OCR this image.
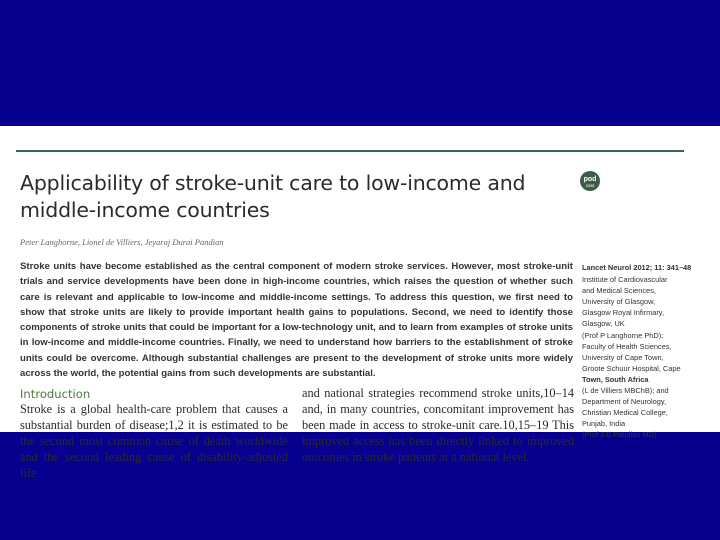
Applicability of stroke-unit care to low-income and
middle-income countries
pod
cast
Peter Langhorne, Lionel de Villiers, Jeyaraj Durai Pandian

Stroke units have become established as the central component of modern stroke services. However, most stroke-unit trials and service developments have been done in high-income countries, which raises the question of whether such care is relevant and applicable to low-income and middle-income settings. To address this question, we first need to show that stroke units are likely to provide important health gains to populations. Second, we need to identify those components of stroke units that could be important for a low-technology unit, and to learn from examples of stroke units in low-income and middle-income countries. Finally, we need to understand how barriers to the establishment of stroke units could be overcome. Although substantial challenges are present to the development of stroke units more widely across the world, the potential gains from such developments are substantial.

Lancet Neurol 2012; 11: 341–48
Institute of Cardiovascular
and Medical Sciences,
University of Glasgow,
Glasgow Royal Infirmary,
Glasgow, UK
(Prof P Langhorne PhD);
Faculty of Health Sciences,
University of Cape Town,
Groote Schuur Hospital, Cape
Town, South Africa
(L de Villiers MBChB); and
Department of Neurology,
Christian Medical College,
Punjab, India
(Prof J D Pandian MD)
Introduction

Stroke is a global health-care problem that causes a substantial burden of disease;1,2 it is estimated to be the second most common cause of death worldwide and the second leading cause of disability-adjusted life

and national strategies recommend stroke units,10–14 and, in many countries, concomitant improvement has been made in access to stroke-unit care.10,15–19 This improved access has been directly linked to improved outcomes in stroke patients at a national level.
